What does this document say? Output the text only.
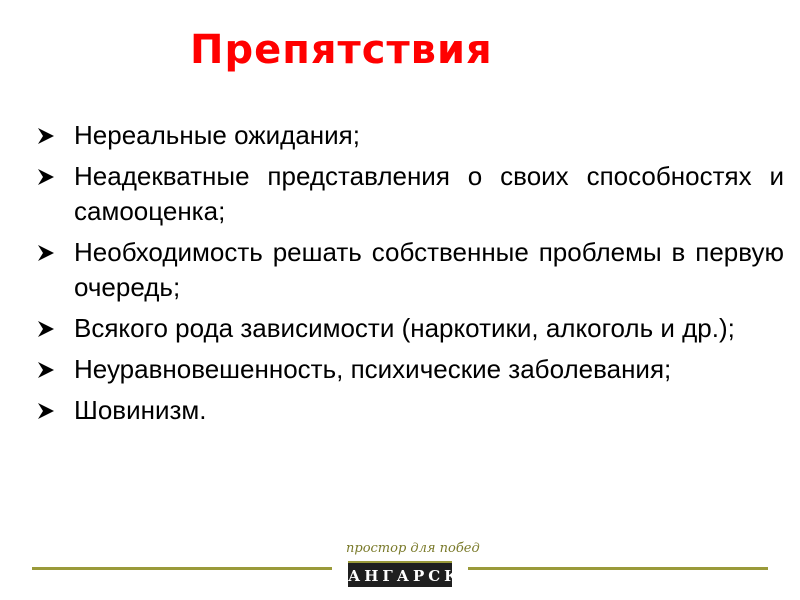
Препятствия
Нереальные ожидания;
Неадекватные представления о своих способностях и самооценка;
Необходимость решать собственные проблемы в первую очередь;
Всякого рода зависимости (наркотики, алкоголь и др.);
Неуравновешенность, психические заболевания;
Шовинизм.
простор для побед
АНГАРСК
